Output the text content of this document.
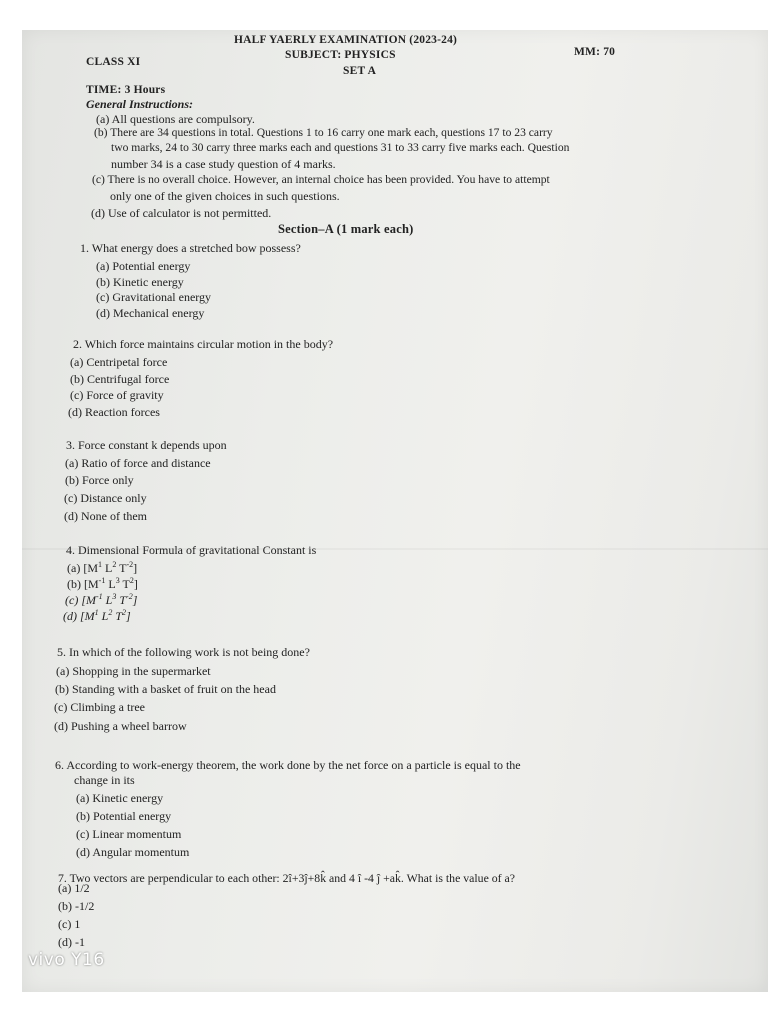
HALF YAERLY EXAMINATION (2023-24)
CLASS XI
SUBJECT: PHYSICS	MM: 70
SET A
TIME: 3 Hours
General Instructions:
(a) All questions are compulsory.
(b) There are 34 questions in total. Questions 1 to 16 carry one mark each, questions 17 to 23 carry
two marks, 24 to 30 carry three marks each and questions 31 to 33 carry five marks each. Question
number 34 is a case study question of 4 marks.
(c) There is no overall choice. However, an internal choice has been provided. You have to attempt
only one of the given choices in such questions.
(d) Use of calculator is not permitted.
Section–A (1 mark each)
1. What energy does a stretched bow possess?
(a) Potential energy
(b) Kinetic energy
(c) Gravitational energy
(d) Mechanical energy
2. Which force maintains circular motion in the body?
(a) Centripetal force
(b) Centrifugal force
(c) Force of gravity
(d) Reaction forces
3. Force constant k depends upon
(a) Ratio of force and distance
(b) Force only
(c) Distance only
(d) None of them
4. Dimensional Formula of gravitational Constant is
(a) [$M^1$ $L^2$ $T^{-2}$]
(b) [$M^{-1}$ $L^3$ $T^2$]
(c) [$M^{-1}$ $L^3$ $T^{-2}$]
(d) [$M^1$ $L^2$ $T^2$]
5. In which of the following work is not being done?
(a) Shopping in the supermarket
(b) Standing with a basket of fruit on the head
(c) Climbing a tree
(d) Pushing a wheel barrow
6. According to work-energy theorem, the work done by the net force on a particle is equal to the
change in its
(a) Kinetic energy
(b) Potential energy
(c) Linear momentum
(d) Angular momentum
7. Two vectors are perpendicular to each other: 2î+3ĵ+8k̂ and 4 î -4 ĵ +ak̂. What is the value of a?
(a) 1/2
(b) -1/2
(c) 1
(d) -1
vivo Y16
